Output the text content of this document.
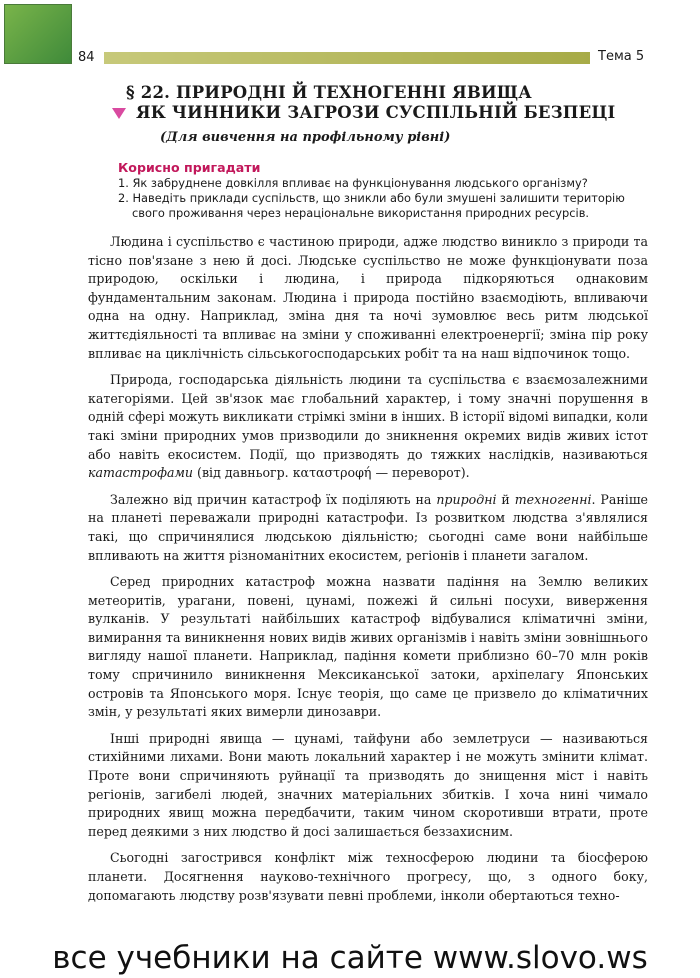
84	Тема 5
§ 22. ПРИРОДНІ Й ТЕХНОГЕННІ ЯВИЩА
ЯК ЧИННИКИ ЗАГРОЗИ СУСПІЛЬНІЙ БЕЗПЕЦІ
(Для вивчення на профільному рівні)
Корисно пригадати
1. Як забруднене довкілля впливає на функціонування людського організму?
2. Наведіть приклади суспільств, що зникли або були змушені залишити територію
свого проживання через нераціональне використання природних ресурсів.

Людина і суспільство є частиною природи, адже людство виникло з природи та тісно пов'язане з нею й досі. Людське суспільство не може функціонувати поза природою, оскільки і людина, і природа підкоряються однаковим фундаментальним законам. Людина і природа постійно взаємодіють, впливаючи одна на одну. Наприклад, зміна дня та ночі зумовлює весь ритм людської життєдіяльності та впливає на зміни у споживанні електроенергії; зміна пір року впливає на циклічність сільськогосподарських робіт та на наш відпочинок тощо.

Природа, господарська діяльність людини та суспільства є взаємозалежними категоріями. Цей зв'язок має глобальний характер, і тому значні порушення в одній сфері можуть викликати стрімкі зміни в інших. В історії відомі випадки, коли такі зміни природних умов призводили до зникнення окремих видів живих істот або навіть екосистем. Події, що призводять до тяжких наслідків, називаються катастрофами (від давньогр. καταστροφή — переворот).

Залежно від причин катастроф їх поділяють на природні й техногенні. Раніше на планеті переважали природні катастрофи. Із розвитком людства з'являлися такі, що спричинялися людською діяльністю; сьогодні саме вони найбільше впливають на життя різноманітних екосистем, регіонів і планети загалом.

Серед природних катастроф можна назвати падіння на Землю великих метеоритів, урагани, повені, цунамі, пожежі й сильні посухи, виверження вулканів. У результаті найбільших катастроф відбувалися кліматичні зміни, вимирання та виникнення нових видів живих організмів і навіть зміни зовнішнього вигляду нашої планети. Наприклад, падіння комети приблизно 60–70 млн років тому спричинило виникнення Мексиканської затоки, архіпелагу Японських островів та Японського моря. Існує теорія, що саме це призвело до кліматичних змін, у результаті яких вимерли динозаври.

Інші природні явища — цунамі, тайфуни або землетруси — називаються стихійними лихами. Вони мають локальний характер і не можуть змінити клімат. Проте вони спричиняють руйнації та призводять до знищення міст і навіть регіонів, загибелі людей, значних матеріальних збитків. І хоча нині чимало природних явищ можна передбачити, таким чином скоротивши втрати, проте перед деякими з них людство й досі залишається беззахисним.

Сьогодні загострився конфлікт між техносферою людини та біосферою планети. Досягнення науково-технічного прогресу, що, з одного боку, допомагають людству розв'язувати певні проблеми, інколи обертаються техно-

все учебники на сайте www.slovo.ws
